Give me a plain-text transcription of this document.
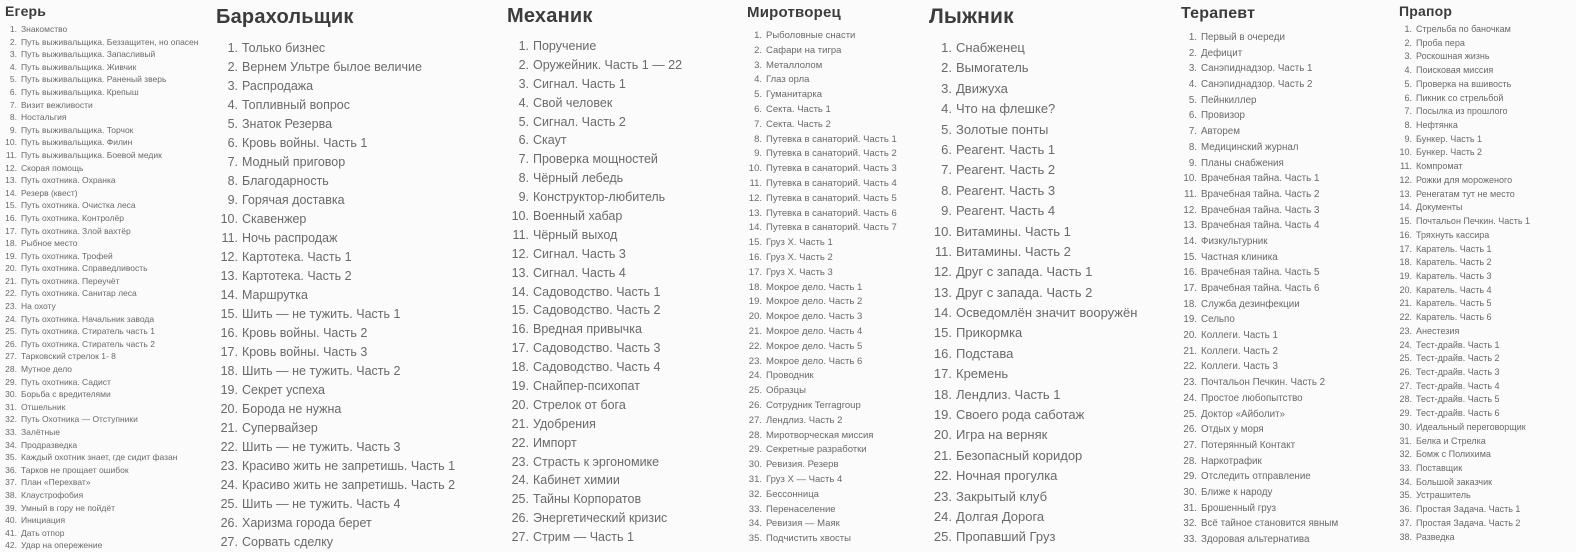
Егерь
1. Знакомство
2. Путь выживальщика. Беззащитен, но опасен
3. Путь выживальщика. Запасливый
4. Путь выживальщика. Живчик
5. Путь выживальщика. Раненый зверь
6. Путь выживальщика. Крепыш
7. Визит вежливости
8. Ностальгия
9. Путь выживальщика. Торчок
10. Путь выживальщика. Филин
11. Путь выживальщика. Боевой медик
12. Скорая помощь
13. Путь охотника. Охранка
14. Резерв (квест)
15. Путь охотника. Очистка леса
16. Путь охотника. Контролёр
17. Путь охотника. Злой вахтёр
18. Рыбное место
19. Путь охотника. Трофей
20. Путь охотника. Справедливость
21. Путь охотника. Переучёт
22. Путь охотника. Санитар леса
23. На охоту
24. Путь охотника. Начальник завода
25. Путь охотника. Стиратель часть 1
26. Путь охотника. Стиратель часть 2
27. Тарковский стрелок 1- 8
28. Мутное дело
29. Путь охотника. Садист
30. Борьба с вредителями
31. Отшельник
32. Путь Охотника — Отступники
33. Залётные
34. Продразведка
35. Каждый охотник знает, где сидит фазан
36. Тарков не прощает ошибок
37. План «Перехват»
38. Клаустрофобия
39. Умный в гору не пойдёт
40. Инициация
41. Дать отпор
42. Удар на опережение
Барахольщик
1. Только бизнес
2. Вернем Ультре былое величие
3. Распродажа
4. Топливный вопрос
5. Знаток Резерва
6. Кровь войны. Часть 1
7. Модный приговор
8. Благодарность
9. Горячая доставка
10. Скавенжер
11. Ночь распродаж
12. Картотека. Часть 1
13. Картотека. Часть 2
14. Маршрутка
15. Шить — не тужить. Часть 1
16. Кровь войны. Часть 2
17. Кровь войны. Часть 3
18. Шить — не тужить. Часть 2
19. Секрет успеха
20. Борода не нужна
21. Супервайзер
22. Шить — не тужить. Часть 3
23. Красиво жить не запретишь. Часть 1
24. Красиво жить не запретишь. Часть 2
25. Шить — не тужить. Часть 4
26. Харизма города берет
27. Сорвать сделку
Механик
1. Поручение
2. Оружейник. Часть 1 — 22
3. Сигнал. Часть 1
4. Свой человек
5. Сигнал. Часть 2
6. Скаут
7. Проверка мощностей
8. Чёрный лебедь
9. Конструктор-любитель
10. Военный хабар
11. Чёрный выход
12. Сигнал. Часть 3
13. Сигнал. Часть 4
14. Садоводство. Часть 1
15. Садоводство. Часть 2
16. Вредная привычка
17. Садоводство. Часть 3
18. Садоводство. Часть 4
19. Снайпер-психопат
20. Стрелок от бога
21. Удобрения
22. Импорт
23. Страсть к эргономике
24. Кабинет химии
25. Тайны Корпоратов
26. Энергетический кризис
27. Стрим — Часть 1
Миротворец
1. Рыболовные снасти
2. Сафари на тигра
3. Металлолом
4. Глаз орла
5. Гуманитарка
6. Секта. Часть 1
7. Секта. Часть 2
8. Путевка в санаторий. Часть 1
9. Путевка в санаторий. Часть 2
10. Путевка в санаторий. Часть 3
11. Путевка в санаторий. Часть 4
12. Путевка в санаторий. Часть 5
13. Путевка в санаторий. Часть 6
14. Путевка в санаторий. Часть 7
15. Груз X. Часть 1
16. Груз X. Часть 2
17. Груз X. Часть 3
18. Мокрое дело. Часть 1
19. Мокрое дело. Часть 2
20. Мокрое дело. Часть 3
21. Мокрое дело. Часть 4
22. Мокрое дело. Часть 5
23. Мокрое дело. Часть 6
24. Проводник
25. Образцы
26. Сотрудник Terragroup
27. Лендлиз. Часть 2
28. Миротворческая миссия
29. Секретные разработки
30. Ревизия. Резерв
31. Груз X — Часть 4
32. Бессонница
33. Перенаселение
34. Ревизия — Маяк
35. Подчистить хвосты
Лыжник
1. Снабженец
2. Вымогатель
3. Движуха
4. Что на флешке?
5. Золотые понты
6. Реагент. Часть 1
7. Реагент. Часть 2
8. Реагент. Часть 3
9. Реагент. Часть 4
10. Витамины. Часть 1
11. Витамины. Часть 2
12. Друг с запада. Часть 1
13. Друг с запада. Часть 2
14. Осведомлён значит вооружён
15. Прикормка
16. Подстава
17. Кремень
18. Лендлиз. Часть 1
19. Своего рода саботаж
20. Игра на верняк
21. Безопасный коридор
22. Ночная прогулка
23. Закрытый клуб
24. Долгая Дорога
25. Пропавший Груз
Терапевт
1. Первый в очереди
2. Дефицит
3. Санэпиднадзор. Часть 1
4. Санэпиднадзор. Часть 2
5. Пейнкиллер
6. Провизор
7. Авторем
8. Медицинский журнал
9. Планы снабжения
10. Врачебная тайна. Часть 1
11. Врачебная тайна. Часть 2
12. Врачебная тайна. Часть 3
13. Врачебная тайна. Часть 4
14. Физкультурник
15. Частная клиника
16. Врачебная тайна. Часть 5
17. Врачебная тайна. Часть 6
18. Служба дезинфекции
19. Сельпо
20. Коллеги. Часть 1
21. Коллеги. Часть 2
22. Коллеги. Часть 3
23. Почтальон Печкин. Часть 2
24. Простое любопытство
25. Доктор «Айболит»
26. Отдых у моря
27. Потерянный Контакт
28. Наркотрафик
29. Отследить отправление
30. Ближе к народу
31. Брошенный груз
32. Всё тайное становится явным
33. Здоровая альтернатива
Прапор
1. Стрельба по баночкам
2. Проба пера
3. Роскошная жизнь
4. Поисковая миссия
5. Проверка на вшивость
6. Пикник со стрельбой
7. Посылка из прошлого
8. Нефтянка
9. Бункер. Часть 1
10. Бункер. Часть 2
11. Компромат
12. Рожки для мороженого
13. Ренегатам тут не место
14. Документы
15. Почтальон Печкин. Часть 1
16. Тряхнуть кассира
17. Каратель. Часть 1
18. Каратель. Часть 2
19. Каратель. Часть 3
20. Каратель. Часть 4
21. Каратель. Часть 5
22. Каратель. Часть 6
23. Анестезия
24. Тест-драйв. Часть 1
25. Тест-драйв. Часть 2
26. Тест-драйв. Часть 3
27. Тест-драйв. Часть 4
28. Тест-драйв. Часть 5
29. Тест-драйв. Часть 6
30. Идеальный переговорщик
31. Белка и Стрелка
32. Бомж с Полихима
33. Поставщик
34. Большой заказчик
35. Устрашитель
36. Простая Задача. Часть 1
37. Простая Задача. Часть 2
38. Разведка
